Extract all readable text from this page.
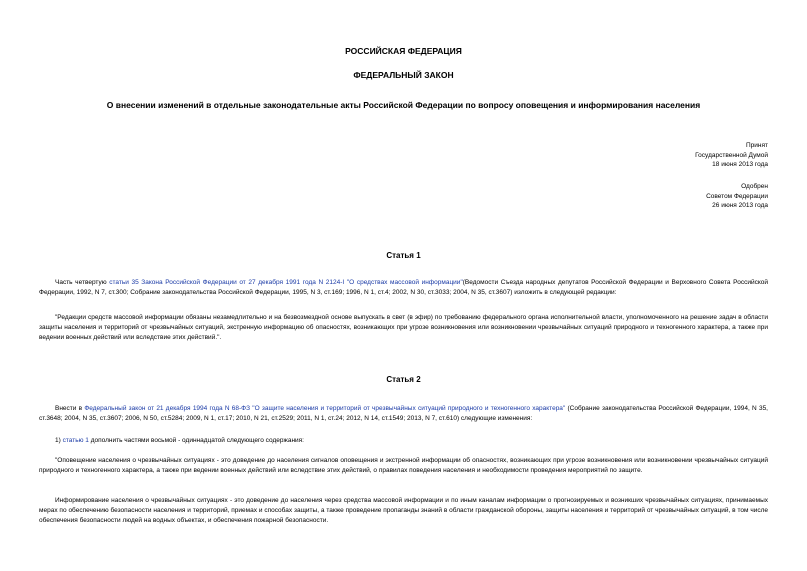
РОССИЙСКАЯ ФЕДЕРАЦИЯ
ФЕДЕРАЛЬНЫЙ ЗАКОН
О внесении изменений в отдельные законодательные акты Российской Федерации по вопросу оповещения и информирования населения
Принят
Государственной Думой
18 июня 2013 года
Одобрен
Советом Федерации
26 июня 2013 года
Статья 1
Часть четвертую статьи 35 Закона Российской Федерации от 27 декабря 1991 года N 2124-I "О средствах массовой информации"(Ведомости Съезда народных депутатов Российской Федерации и Верховного Совета Российской Федерации, 1992, N 7, ст.300; Собрание законодательства Российской Федерации, 1995, N 3, ст.169; 1996, N 1, ст.4; 2002, N 30, ст.3033; 2004, N 35, ст.3607) изложить в следующей редакции:
"Редакции средств массовой информации обязаны незамедлительно и на безвозмездной основе выпускать в свет (в эфир) по требованию федерального органа исполнительной власти, уполномоченного на решение задач в области защиты населения и территорий от чрезвычайных ситуаций, экстренную информацию об опасностях, возникающих при угрозе возникновения или возникновении чрезвычайных ситуаций природного и техногенного характера, а также при ведении военных действий или вследствие этих действий.".
Статья 2
Внести в Федеральный закон от 21 декабря 1994 года N 68-ФЗ "О защите населения и территорий от чрезвычайных ситуаций природного и техногенного характера" (Собрание законодательства Российской Федерации, 1994, N 35, ст.3648; 2004, N 35, ст.3607; 2006, N 50, ст.5284; 2009, N 1, ст.17; 2010, N 21, ст.2529; 2011, N 1, ст.24; 2012, N 14, ст.1549; 2013, N 7, ст.610) следующие изменения:
1) статью 1 дополнить частями восьмой - одиннадцатой следующего содержания:
"Оповещение населения о чрезвычайных ситуациях - это доведение до населения сигналов оповещения и экстренной информации об опасностях, возникающих при угрозе возникновения или возникновении чрезвычайных ситуаций природного и техногенного характера, а также при ведении военных действий или вследствие этих действий, о правилах поведения населения и необходимости проведения мероприятий по защите.
Информирование населения о чрезвычайных ситуациях - это доведение до населения через средства массовой информации и по иным каналам информации о прогнозируемых и возникших чрезвычайных ситуациях, принимаемых мерах по обеспечению безопасности населения и территорий, приемах и способах защиты, а также проведение пропаганды знаний в области гражданской обороны, защиты населения и территорий от чрезвычайных ситуаций, в том числе обеспечения безопасности людей на водных объектах, и обеспечения пожарной безопасности.
